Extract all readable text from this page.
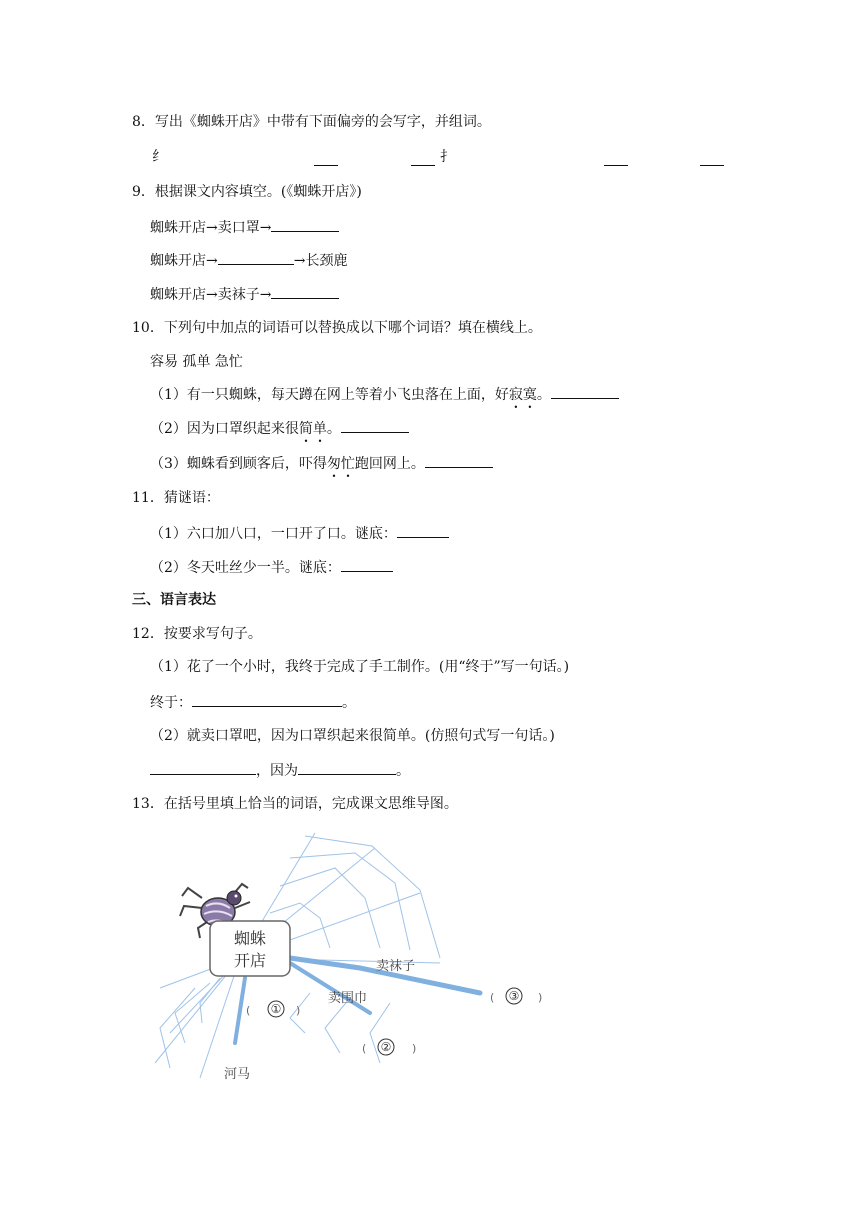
8．写出《蜘蛛开店》中带有下面偏旁的会写字，并组词。
纟	扌
9．根据课文内容填空。(《蜘蛛开店》)
蜘蛛开店→卖口罩→
蜘蛛开店→	→长颈鹿
蜘蛛开店→卖袜子→
10．下列句中加点的词语可以替换成以下哪个词语？填在横线上。
容易 孤单 急忙
（1）有一只蜘蛛，每天蹲在网上等着小飞虫落在上面，好寂寞。
（2）因为口罩织起来很简单。
（3）蜘蛛看到顾客后，吓得匆忙跑回网上。
11．猜谜语：
（1）六口加八口，一口开了口。谜底：
（2）冬天吐丝少一半。谜底：
三、语言表达
12．按要求写句子。
（1）花了一个小时，我终于完成了手工制作。(用“终于”写一句话。)
终于：	。
（2）就卖口罩吧，因为口罩织起来很简单。(仿照句式写一句话。)
，因为	。
13．在括号里填上恰当的词语，完成课文思维导图。
蜘蛛
开店	卖袜子
卖围巾
河马
( ① )
( ② )
( ③ )
